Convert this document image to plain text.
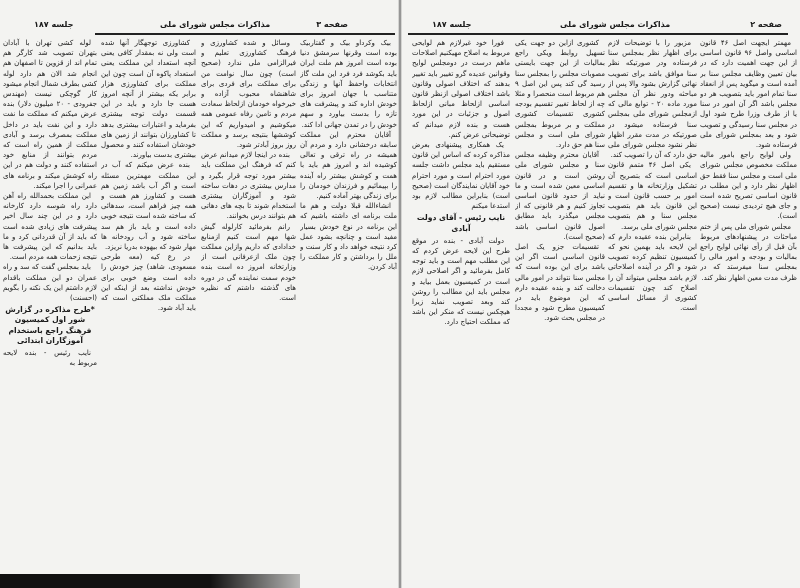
صفحه ۳
مذاکرات مجلس شورای ملی
جلسه ۱۸۷

بیک وکرداو بیک و گفتاربیک بوده است وقرنها سرمشق دنیا بوده است امروز هم ملت ایران باید بکوشد فرد فرد این ملت گاز انتخابات واحفظ آنها و زندگی متناسب با جهان امروز برای خودش اداره کند و پیشرفت های تازه را بدست بیاورد و سهم خودش را در تمدن جهانی ادا کند.

آقایان محترم این مملکت سابقه درخشانی دارد و مردم آن همیشه در راه ترقی و تعالی کوشیده اند و امروز هم باید با همت و کوشش بیشتر راه آینده را بپیمائیم و فرزندان خودمان را برای زندگی بهتر آماده کنیم.

انشاءالله قبلا دولت و هم ما ملت برنامه ای داشته باشیم که این برنامه در نوع خودش بسیار مفید است و چنانچه بشود عمل کرد نتیجه خواهد داد و کار سنت و ملل را برداشتن و کار مملکت را آباد کردن.

وسائل و شده کشاورزی و فرهنگ کشاورزی تعلیم و فیرالزامی ملی ندارد (صحیح است) چون سال نوامت من برای مملکت برای فردی برای شاهنشاه محبوب آزاده و خیرخواه خودمان ازلحاظ سعادت مردم و تامین رفاه عمومی همه میکوشیم و امیدواریم که این کوششها بنتیجه برسد و مملکت روز بروز آبادتر شود.

بنده در اینجا لازم میدانم عرض کنم که فرهنگ این مملکت باید بیشتر مورد توجه قرار بگیرد و مدارس بیشتری در دهات ساخته شود و آموزگاران بیشتری استخدام شوند تا بچه های دهاتی هم بتوانند درس بخوانند.

رانم بفرمائید کارلوله گیش شها مهم است کنیم ازمنابع خدادادی که داریم وازاین مملکت چون ملک ازعرفانی است از وزارتخانه امروز ده است بنده خودم سمت نماینده گی در دوره های گذشته داشتم که نظیره است.

کشاورزی توجهگار آنها شده است ولی نه بمقدار کافی یعنی آنچه استعداد این مملکت یعنی استعداد پاکوه آن است چون این مملکت برای کشاورزی هزار برابر یکه بیشتر از آنچه امروز هست جا دارد و باید در این قسمت دولت توجه بیشتری بفرماید و اعتبارات بیشتری بدهد تا کشاورزان بتوانند از زمین های خودشان استفاده کنند و محصول بیشتری بدست بیاورند.

بنده عرض میکنم که آب در این مملکت مهمترین مسئله است و اگر آب باشد زمین هم هست و کشاورز هم هست و همه چیز فراهم است، سدهائی که ساخته شده است نتیجه خوبی داده است و باید باز هم سد ساخته شود و آب رودخانه ها مهار شود که بیهوده بدریا نریزد.

در رع کیه (معه طرحی مسعودی، شاهد) چیز خودش را داده است وضع خوبی برای خودش نداشته بعد از اینکه این مملکت ملک مملکتی است که باید آباد شود.

لوله کشی تهران با آبادان بتهران تصویب شد کارگر هم تمام اند از قزوین تا اصفهان هم انجام شد الان هم دارد لوله کشی بطرف شمال انجام میشود کار گوچکی نیست (مهندس جفرودی - ۲۰ میلیون دلار) بنده عرض میکنم که مملکت ما نفت دارد و این نفت باید در داخل مملکت بمصرف برسد و آبادی مملکت از همین راه است که مردم بتوانند از منابع خود استفاده کنند و دولت هم در این راه کوشش میکند و برنامه های عمرانی را اجرا میکند.

این مملکت بحمدالله راه آهن دارد راه شوسه دارد کارخانه دارد و در این چند سال اخیر پیشرفت های زیادی شده است که باید از آن قدردانی کرد و ما باید بدانیم که این پیشرفت ها نتیجه زحمات همه مردم است.

باید بمجلس گفت که سد و راه عمران دو این مملکت باقدام لازم داشتم این یک نکته را بگویم (احسنت)

*طرح مذاکره در گزارش شور اول کمیسیون فرهنگ راجع باستخدام آموزگاران ابتدائی

نایب رئیس - بنده لایحه مربوط به

صفحه ۲
مذاکرات مجلس شورای ملی
جلسه ۱۸۷

مهمتر ایجهت اصل ۴۶ قانون اساسی واصل ۹۶ قانون اساسی از این جهت اهمیت دارد که در بیان تعیین وظایف مجلس سنا بر آمده است و میگوید پس از انعقاد سنا تمام امور باید بتصویب هر دو مجلس باشد اگر آن امور در سنا یا از طرف وزرا طرح شود اول در مجلس سنا رسیدگی و تصویب شود و بعد بمجلس شورای ملی فرستاده شود.

ولی لوایح راجع بامور مالیه مملکت مخصوص مجلس شورای ملی است و مجلس سنا فقط حق اظهار نظر دارد و این مطلب در قانون اساسی تصریح شده است و جای هیچ تردیدی نیست (صحیح است).

مجلس شورای ملی پس از ختم مباحثات در پیشنهادهای مربوط بآن قبل از رأی نهائی لوایح راجع بمالیات و بودجه و امور مالی را بمجلس سنا میفرستد که در ظرف مدت معین اظهار نظر کند.

مزبور را با توضیحات لازم برای اظهار نظر بمجلس سنا فرستاده ودر صورتیکه نظر سنا موافق باشد برای تصویب نهائی گزارش بشود والا پس از مباحثه ودور نظر آن مجلس مورد ماده ۲۰ - توابع مالی که ازمجلس شورای ملی بمجلس سنا فرستاده میشود در صورتیکه در مدت مقرر اظهار نظر نشود مجلس شورای ملی حق دارد که آن را تصویب کند.

یکی اصل ۴۶ متمم قانون اساسی است که بتصریح آن تشکیل وزارتخانه ها و تقسیم امور بر حسب قانون است و این قانون باید هم بتصویب مجلس سنا و هم بتصویب مجلس شورای ملی برسد.

بنابراین بنده عقیده دارم که این لایحه باید بهمین نحو که کمیسیون تنظیم کرده تصویب شود و اگر در آینده اصلاحاتی لازم باشد مجلس میتواند آن را اصلاح کند چون تقسیمات کشوری از مسائل اساسی است.

کشوری ازاین دو جهت یکی تسهیل روابط ویکی راجع بمالیات از این جهت بایستی مصوبات مجلس را بمجلس سنا رسید گی کند پس این اصل ۹ هم مربوط است منحصرا و مثلا چه از لحاظ تغییر تقسیم بودجه کشوری تقسیمات کشوری مملکت و بر مربوط بمجلس شورای ملی است و مجلس سنا هم حق دارد.

آقایان محترم وظیفه مجلس سنا و مجلس شورای ملی روشن است و در قانون اساسی معین شده است و ما نباید از حدود قانون اساسی تجاوز کنیم و هر قانونی که از مجلس میگذرد باید مطابق اصول قانون اساسی باشد (صحیح است).

تقسیمات جزو یک اصل قانون اساسی است اگر این باشد برای این بوده است که مجلس سنا نتواند در امور مالی دخالت کند و بنده عقیده دارم که این موضوع باید در کمیسیون مطرح شود و مجددا در مجلس بحث شود.

فورا خود غیرلازم هم لوایحی مربوط به اصلاح مهیکنیم اصلاحات ماهم درست در دومجلس لوایح وقوانین عدیده گرو تغییر باید تغییر بدهند که اختلاف اصولی وقانون باشد اختلاف اصولی ازنظر قانون اساسی ازلحاظ مبانی ازلحاظ اصول و جزئیات در این مورد هست و بنده لازم میدانم که توضیحاتی عرض کنم.

یک همکاری پیشنهادی بعرض مذاکره کرده که اساس این قانون مستقیم باید مجلس داشت جلسه مورد احترام است و مورد احترام خود آقایان نمایندگان است (صحیح است) بنابراین مطالب لازم بود استدعا میکنم

نایب رئیس - آقای دولت آبادی

دولت آبادی - بنده در موقع طرح این لایحه عرض کردم که این مطلب مهم است و باید توجه کامل بفرمائید و اگر اصلاحی لازم است در کمیسیون بعمل بیاید و مجلس باید این مطالب را روشن کند وبعد تصویب نماید زیرا هیچکس نیست که منکر این باشد که مملکت احتیاج دارد.
